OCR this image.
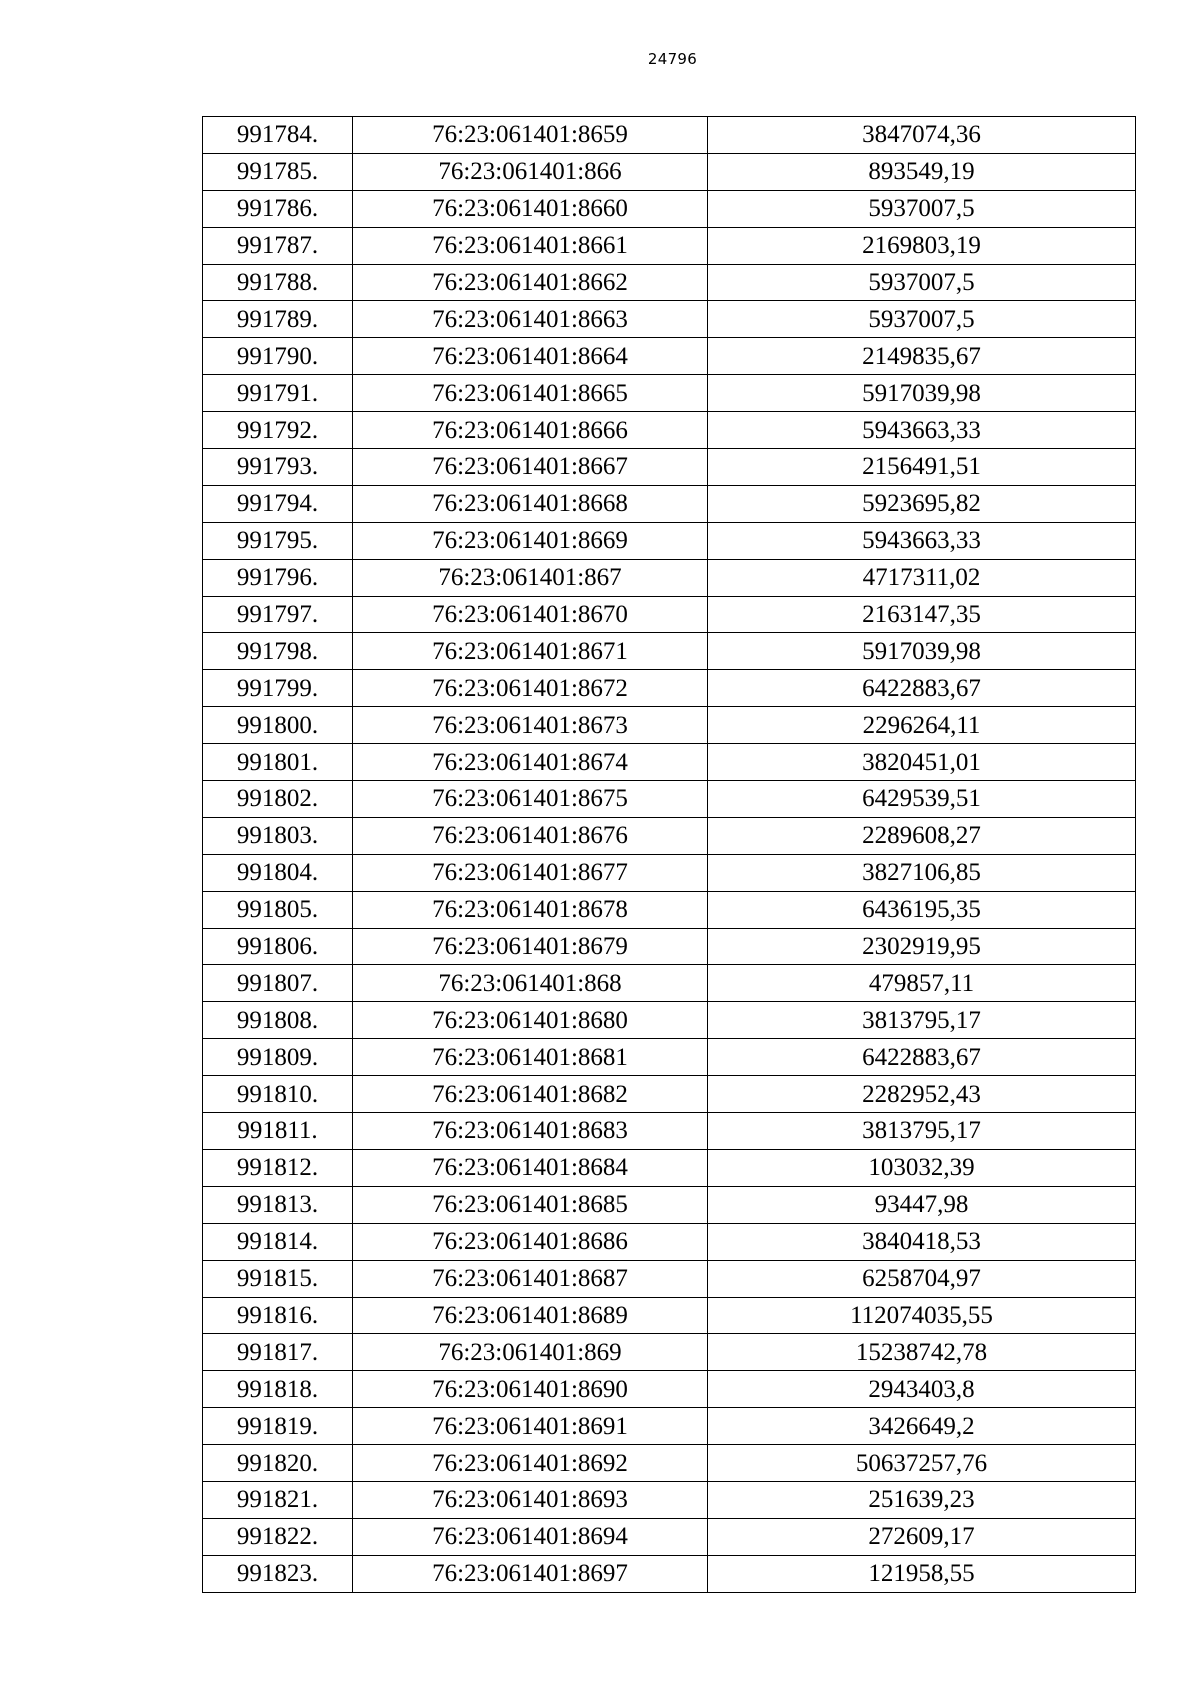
24796
991784.	76:23:061401:8659	3847074,36
991785.	76:23:061401:866	893549,19
991786.	76:23:061401:8660	5937007,5
991787.	76:23:061401:8661	2169803,19
991788.	76:23:061401:8662	5937007,5
991789.	76:23:061401:8663	5937007,5
991790.	76:23:061401:8664	2149835,67
991791.	76:23:061401:8665	5917039,98
991792.	76:23:061401:8666	5943663,33
991793.	76:23:061401:8667	2156491,51
991794.	76:23:061401:8668	5923695,82
991795.	76:23:061401:8669	5943663,33
991796.	76:23:061401:867	4717311,02
991797.	76:23:061401:8670	2163147,35
991798.	76:23:061401:8671	5917039,98
991799.	76:23:061401:8672	6422883,67
991800.	76:23:061401:8673	2296264,11
991801.	76:23:061401:8674	3820451,01
991802.	76:23:061401:8675	6429539,51
991803.	76:23:061401:8676	2289608,27
991804.	76:23:061401:8677	3827106,85
991805.	76:23:061401:8678	6436195,35
991806.	76:23:061401:8679	2302919,95
991807.	76:23:061401:868	479857,11
991808.	76:23:061401:8680	3813795,17
991809.	76:23:061401:8681	6422883,67
991810.	76:23:061401:8682	2282952,43
991811.	76:23:061401:8683	3813795,17
991812.	76:23:061401:8684	103032,39
991813.	76:23:061401:8685	93447,98
991814.	76:23:061401:8686	3840418,53
991815.	76:23:061401:8687	6258704,97
991816.	76:23:061401:8689	112074035,55
991817.	76:23:061401:869	15238742,78
991818.	76:23:061401:8690	2943403,8
991819.	76:23:061401:8691	3426649,2
991820.	76:23:061401:8692	50637257,76
991821.	76:23:061401:8693	251639,23
991822.	76:23:061401:8694	272609,17
991823.	76:23:061401:8697	121958,55
